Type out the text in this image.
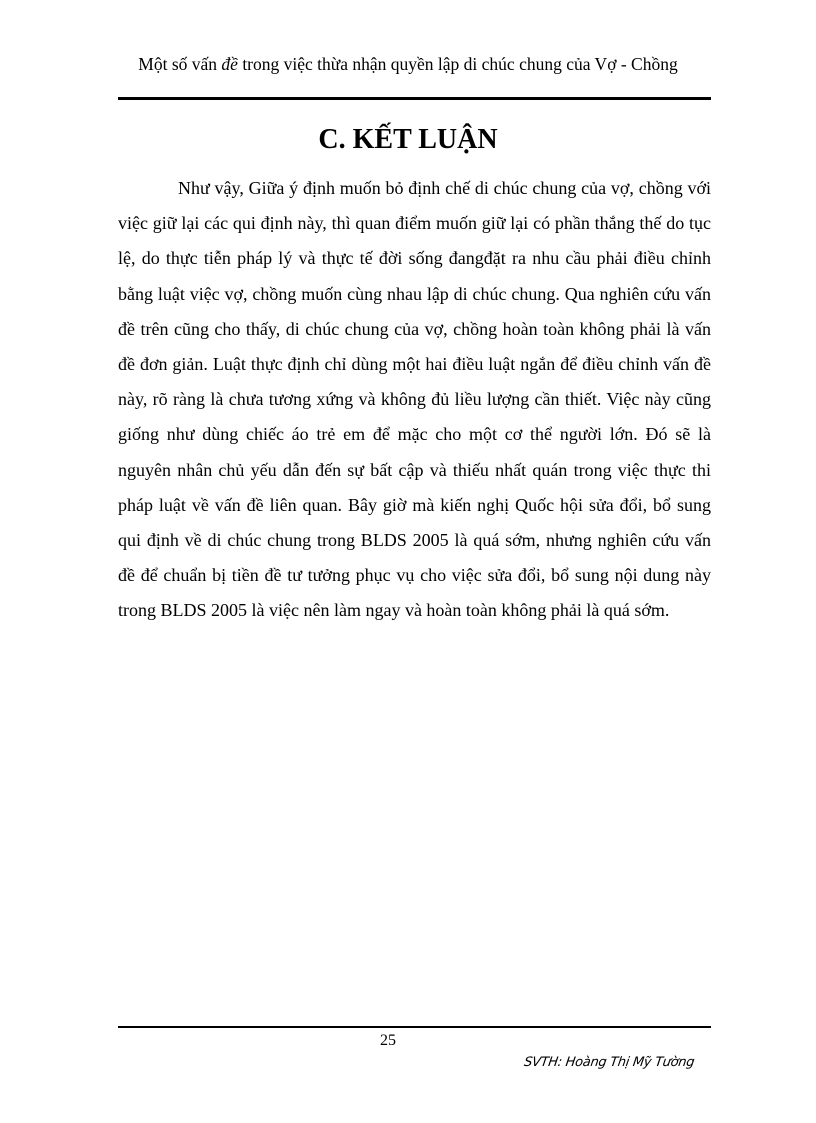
Một số vấn đề trong việc thừa nhận quyền lập di chúc chung của Vợ - Chồng
C. KẾT LUẬN

Như vậy, Giữa ý định muốn bỏ định chế di chúc chung của vợ, chồng với việc giữ lại các qui định này, thì quan điểm muốn giữ lại có phần thắng thế do tục lệ, do thực tiễn pháp lý và thực tế đời sống đangđặt ra nhu cầu phải điều chỉnh bằng luật việc vợ, chồng muốn cùng nhau lập di chúc chung. Qua nghiên cứu vấn đề trên cũng cho thấy, di chúc chung của vợ, chồng hoàn toàn không phải là vấn đề đơn giản. Luật thực định chỉ dùng một hai điều luật ngắn để điều chỉnh vấn đề này, rõ ràng là chưa tương xứng và không đủ liều lượng cần thiết. Việc này cũng giống như dùng chiếc áo trẻ em để mặc cho một cơ thể người lớn. Đó sẽ là nguyên nhân chủ yếu dẫn đến sự bất cập và thiếu nhất quán trong việc thực thi pháp luật về vấn đề liên quan. Bây giờ mà kiến nghị Quốc hội sửa đổi, bổ sung qui định về di chúc chung trong BLDS 2005 là quá sớm, nhưng nghiên cứu vấn đề để chuẩn bị tiền đề tư tưởng phục vụ cho việc sửa đổi, bổ sung nội dung này trong BLDS 2005 là việc nên làm ngay và hoàn toàn không phải là quá sớm.

25
SVTH: Hoàng Thị Mỹ Tường
